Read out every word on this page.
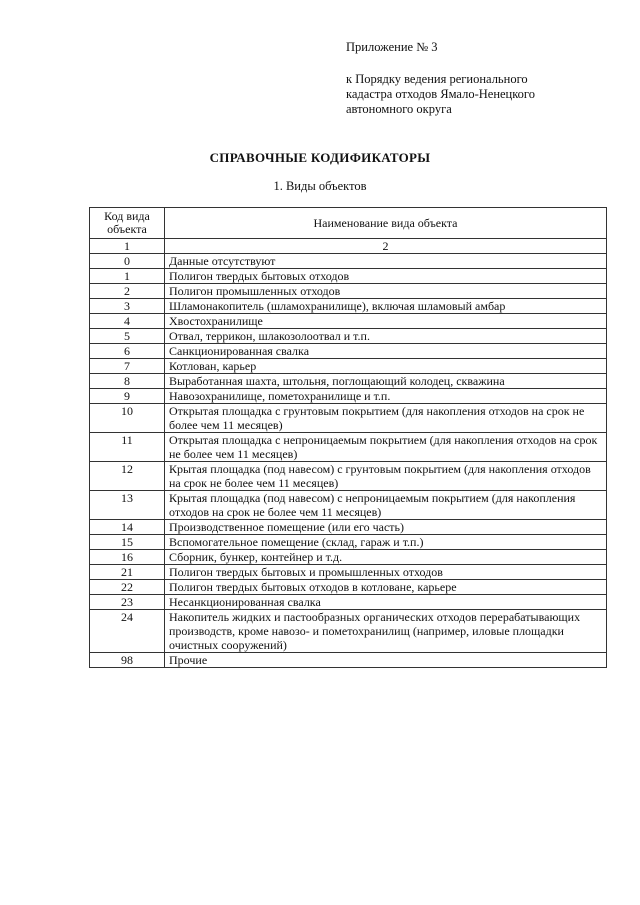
Приложение № 3
к Порядку ведения регионального
кадастра отходов Ямало-Ненецкого
автономного округа
СПРАВОЧНЫЕ КОДИФИКАТОРЫ
1. Виды объектов
Код вида объекта	Наименование вида объекта
1	2
0	Данные отсутствуют
1	Полигон твердых бытовых отходов
2	Полигон промышленных отходов
3	Шламонакопитель (шламохранилище), включая шламовый амбар
4	Хвостохранилище
5	Отвал, террикон, шлакозолоотвал и т.п.
6	Санкционированная свалка
7	Котлован, карьер
8	Выработанная шахта, штольня, поглощающий колодец, скважина
9	Навозохранилище, пометохранилище и т.п.
10	Открытая площадка с грунтовым покрытием (для накопления отходов на срок не более чем 11 месяцев)
11	Открытая площадка с непроницаемым покрытием (для накопления отходов на срок не более чем 11 месяцев)
12	Крытая площадка (под навесом) с грунтовым покрытием (для накопления отходов на срок не более чем 11 месяцев)
13	Крытая площадка (под навесом) с непроницаемым покрытием (для накопления отходов на срок не более чем 11 месяцев)
14	Производственное помещение (или его часть)
15	Вспомогательное помещение (склад, гараж и т.п.)
16	Сборник, бункер, контейнер и т.д.
21	Полигон твердых бытовых и промышленных отходов
22	Полигон твердых бытовых отходов в котловане, карьере
23	Несанкционированная свалка
24	Накопитель жидких и пастообразных органических отходов перерабатывающих производств, кроме навозо- и пометохранилищ (например, иловые площадки очистных сооружений)
98	Прочие
